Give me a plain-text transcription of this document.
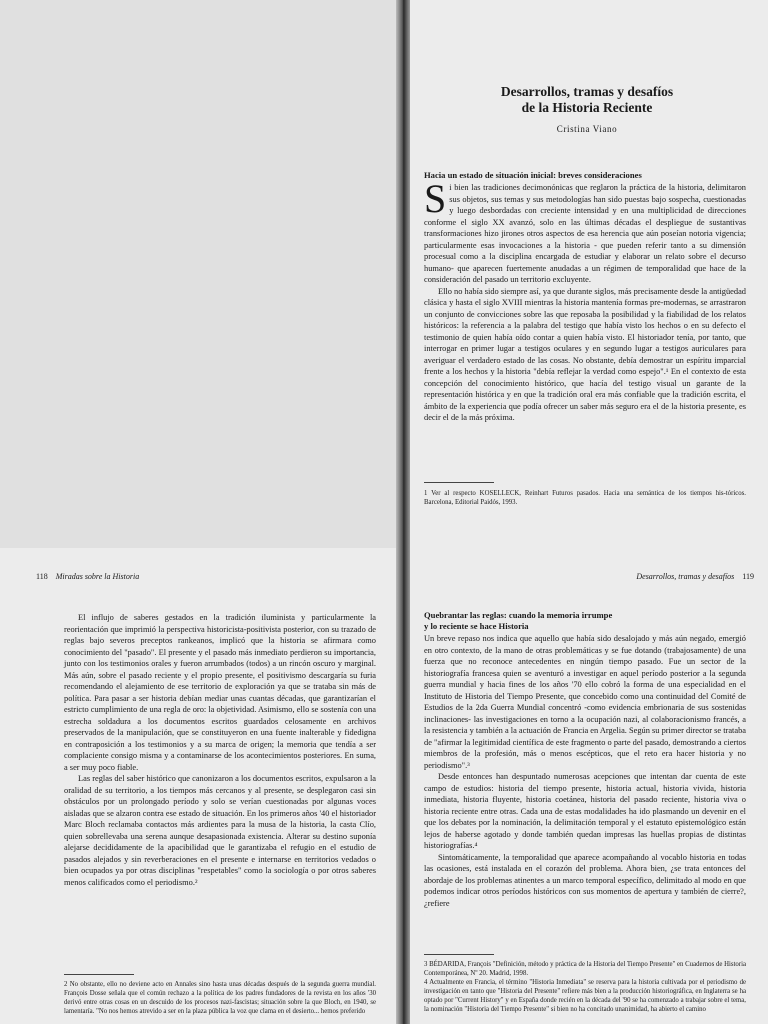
Desarrollos, tramas y desafíos
de la Historia Reciente
Cristina Viano
Hacia un estado de situación inicial: breves consideraciones

Si bien las tradiciones decimonónicas que reglaron la práctica de la historia, delimitaron sus objetos, sus temas y sus metodologías han sido puestas bajo sospecha, cuestionadas y luego desbordadas con creciente intensidad y en una multiplicidad de direcciones conforme el siglo XX avanzó, solo en las últimas décadas el despliegue de sustantivas transformaciones hizo jirones otros aspectos de esa herencia que aún poseían notoria vigencia; particularmente esas invocaciones a la historia - que pueden referir tanto a su dimensión procesual como a la disciplina encargada de estudiar y elaborar un relato sobre el decurso humano- que aparecen fuertemente anudadas a un régimen de temporalidad que hace de la consideración del pasado un territorio excluyente.

Ello no había sido siempre así, ya que durante siglos, más precisamente desde la antigüedad clásica y hasta el siglo XVIII mientras la historia mantenía formas pre-modernas, se arrastraron un conjunto de convicciones sobre las que reposaba la posibilidad y la fiabilidad de los relatos históricos: la referencia a la palabra del testigo que había visto los hechos o en su defecto el testimonio de quien había oído contar a quien había visto. El historiador tenía, por tanto, que interrogar en primer lugar a testigos oculares y en segundo lugar a testigos auriculares para averiguar el verdadero estado de las cosas. No obstante, debía demostrar un espíritu imparcial frente a los hechos y la historia "debía reflejar la verdad como espejo".¹ En el contexto de esta concepción del conocimiento histórico, que hacía del testigo visual un garante de la representación histórica y en que la tradición oral era más confiable que la tradición escrita, el ámbito de la experiencia que podía ofrecer un saber más seguro era el de la historia presente, es decir el de la más próxima.

1 Ver al respecto KOSELLECK, Reinhart Futuros pasados. Hacia una semántica de los tiempos his-tóricos. Barcelona, Editorial Paidós, 1993.
118 Miradas sobre la Historia

El influjo de saberes gestados en la tradición iluminista y particularmente la reorientación que imprimió la perspectiva historicista-positivista posterior, con su trazado de reglas bajo severos preceptos rankeanos, implicó que la historia se afirmara como conocimiento del "pasado". El presente y el pasado más inmediato perdieron su importancia, junto con los testimonios orales y fueron arrumbados (todos) a un rincón oscuro y marginal. Más aún, sobre el pasado reciente y el propio presente, el positivismo descargaría su furia recomendando el alejamiento de ese territorio de exploración ya que se trataba sin más de política. Para pasar a ser historia debían mediar unas cuantas décadas, que garantizarían el estricto cumplimiento de una regla de oro: la objetividad. Asimismo, ello se sostenía con una estrecha soldadura a los documentos escritos guardados celosamente en archivos preservados de la manipulación, que se constituyeron en una fuente inalterable y fidedigna en contraposición a los testimonios y a su marca de origen; la memoria que tendía a ser complaciente consigo misma y a contaminarse de los acontecimientos posteriores. En suma, a ser muy poco fiable.

Las reglas del saber histórico que canonizaron a los documentos escritos, expulsaron a la oralidad de su territorio, a los tiempos más cercanos y al presente, se desplegaron casi sin obstáculos por un prolongado período y solo se verían cuestionadas por algunas voces aisladas que se alzaron contra ese estado de situación. En los primeros años '40 el historiador Marc Bloch reclamaba contactos más ardientes para la musa de la historia, la casta Clío, quien sobrellevaba una serena aunque desapasionada existencia. Alterar su destino suponía alejarse decididamente de la apacibilidad que le garantizaba el refugio en el estudio de pasados alejados y sin reverberaciones en el presente e internarse en territorios vedados o bien ocupados ya por otras disciplinas "respetables" como la sociología o por otros saberes menos calificados como el periodismo.²

2 No obstante, ello no deviene acto en Annales sino hasta unas décadas después de la segunda guerra mundial. François Dosse señala que el común rechazo a la política de los padres fundadores de la revista en los años '30 derivó entre otras cosas en un descuido de los procesos nazi-fascistas; situación sobre la que Bloch, en 1940, se lamentaría. "No nos hemos atrevido a ser en la plaza pública la voz que clama en el desierto... hemos preferido
Desarrollos, tramas y desafíos 119
Quebrantar las reglas: cuando la memoria irrumpe
y lo reciente se hace Historia

Un breve repaso nos indica que aquello que había sido desalojado y más aún negado, emergió en otro contexto, de la mano de otras problemáticas y se fue dotando (trabajosamente) de una fuerza que no reconoce antecedentes en ningún tiempo pasado. Fue un sector de la historiografía francesa quien se aventuró a investigar en aquel período posterior a la segunda guerra mundial y hacia fines de los años '70 ello cobró la forma de una especialidad en el Instituto de Historia del Tiempo Presente, que concebido como una continuidad del Comité de Estudios de la 2da Guerra Mundial concentró -como evidencia embrionaria de sus sostenidas inclinaciones- las investigaciones en torno a la ocupación nazi, al colaboracionismo francés, a la resistencia y también a la actuación de Francia en Argelia. Según su primer director se trataba de "afirmar la legitimidad científica de este fragmento o parte del pasado, demostrando a ciertos miembros de la profesión, más o menos escépticos, que el reto era hacer historia y no periodismo".³

Desde entonces han despuntado numerosas acepciones que intentan dar cuenta de este campo de estudios: historia del tiempo presente, historia actual, historia vivida, historia inmediata, historia fluyente, historia coetánea, historia del pasado reciente, historia viva o historia reciente entre otras. Cada una de estas modalidades ha ido plasmando un devenir en el que los debates por la nominación, la delimitación temporal y el estatuto epistemológico están lejos de haberse agotado y donde también quedan impresas las huellas propias de distintas historiografías.⁴

Sintomáticamente, la temporalidad que aparece acompañando al vocablo historia en todas las ocasiones, está instalada en el corazón del problema. Ahora bien, ¿se trata entonces del abordaje de los problemas atinentes a un marco temporal específico, delimitado al modo en que podemos indicar otros períodos históricos con sus momentos de apertura y también de cierre?, ¿refiere

3 BÉDARIDA, François "Definición, método y práctica de la Historia del Tiempo Presente" en Cuadernos de Historia Contemporánea, Nº 20. Madrid, 1998.
4 Actualmente en Francia, el término "Historia Inmediata" se reserva para la historia cultivada por el periodismo de investigación en tanto que "Historia del Presente" refiere más bien a la producción historiográfica, en Inglaterra se ha optado por "Current History" y en España donde recién en la década del '90 se ha comenzado a trabajar sobre el tema, la nominación "Historia del Tiempo Presente" si bien no ha concitado unanimidad, ha abierto el camino
